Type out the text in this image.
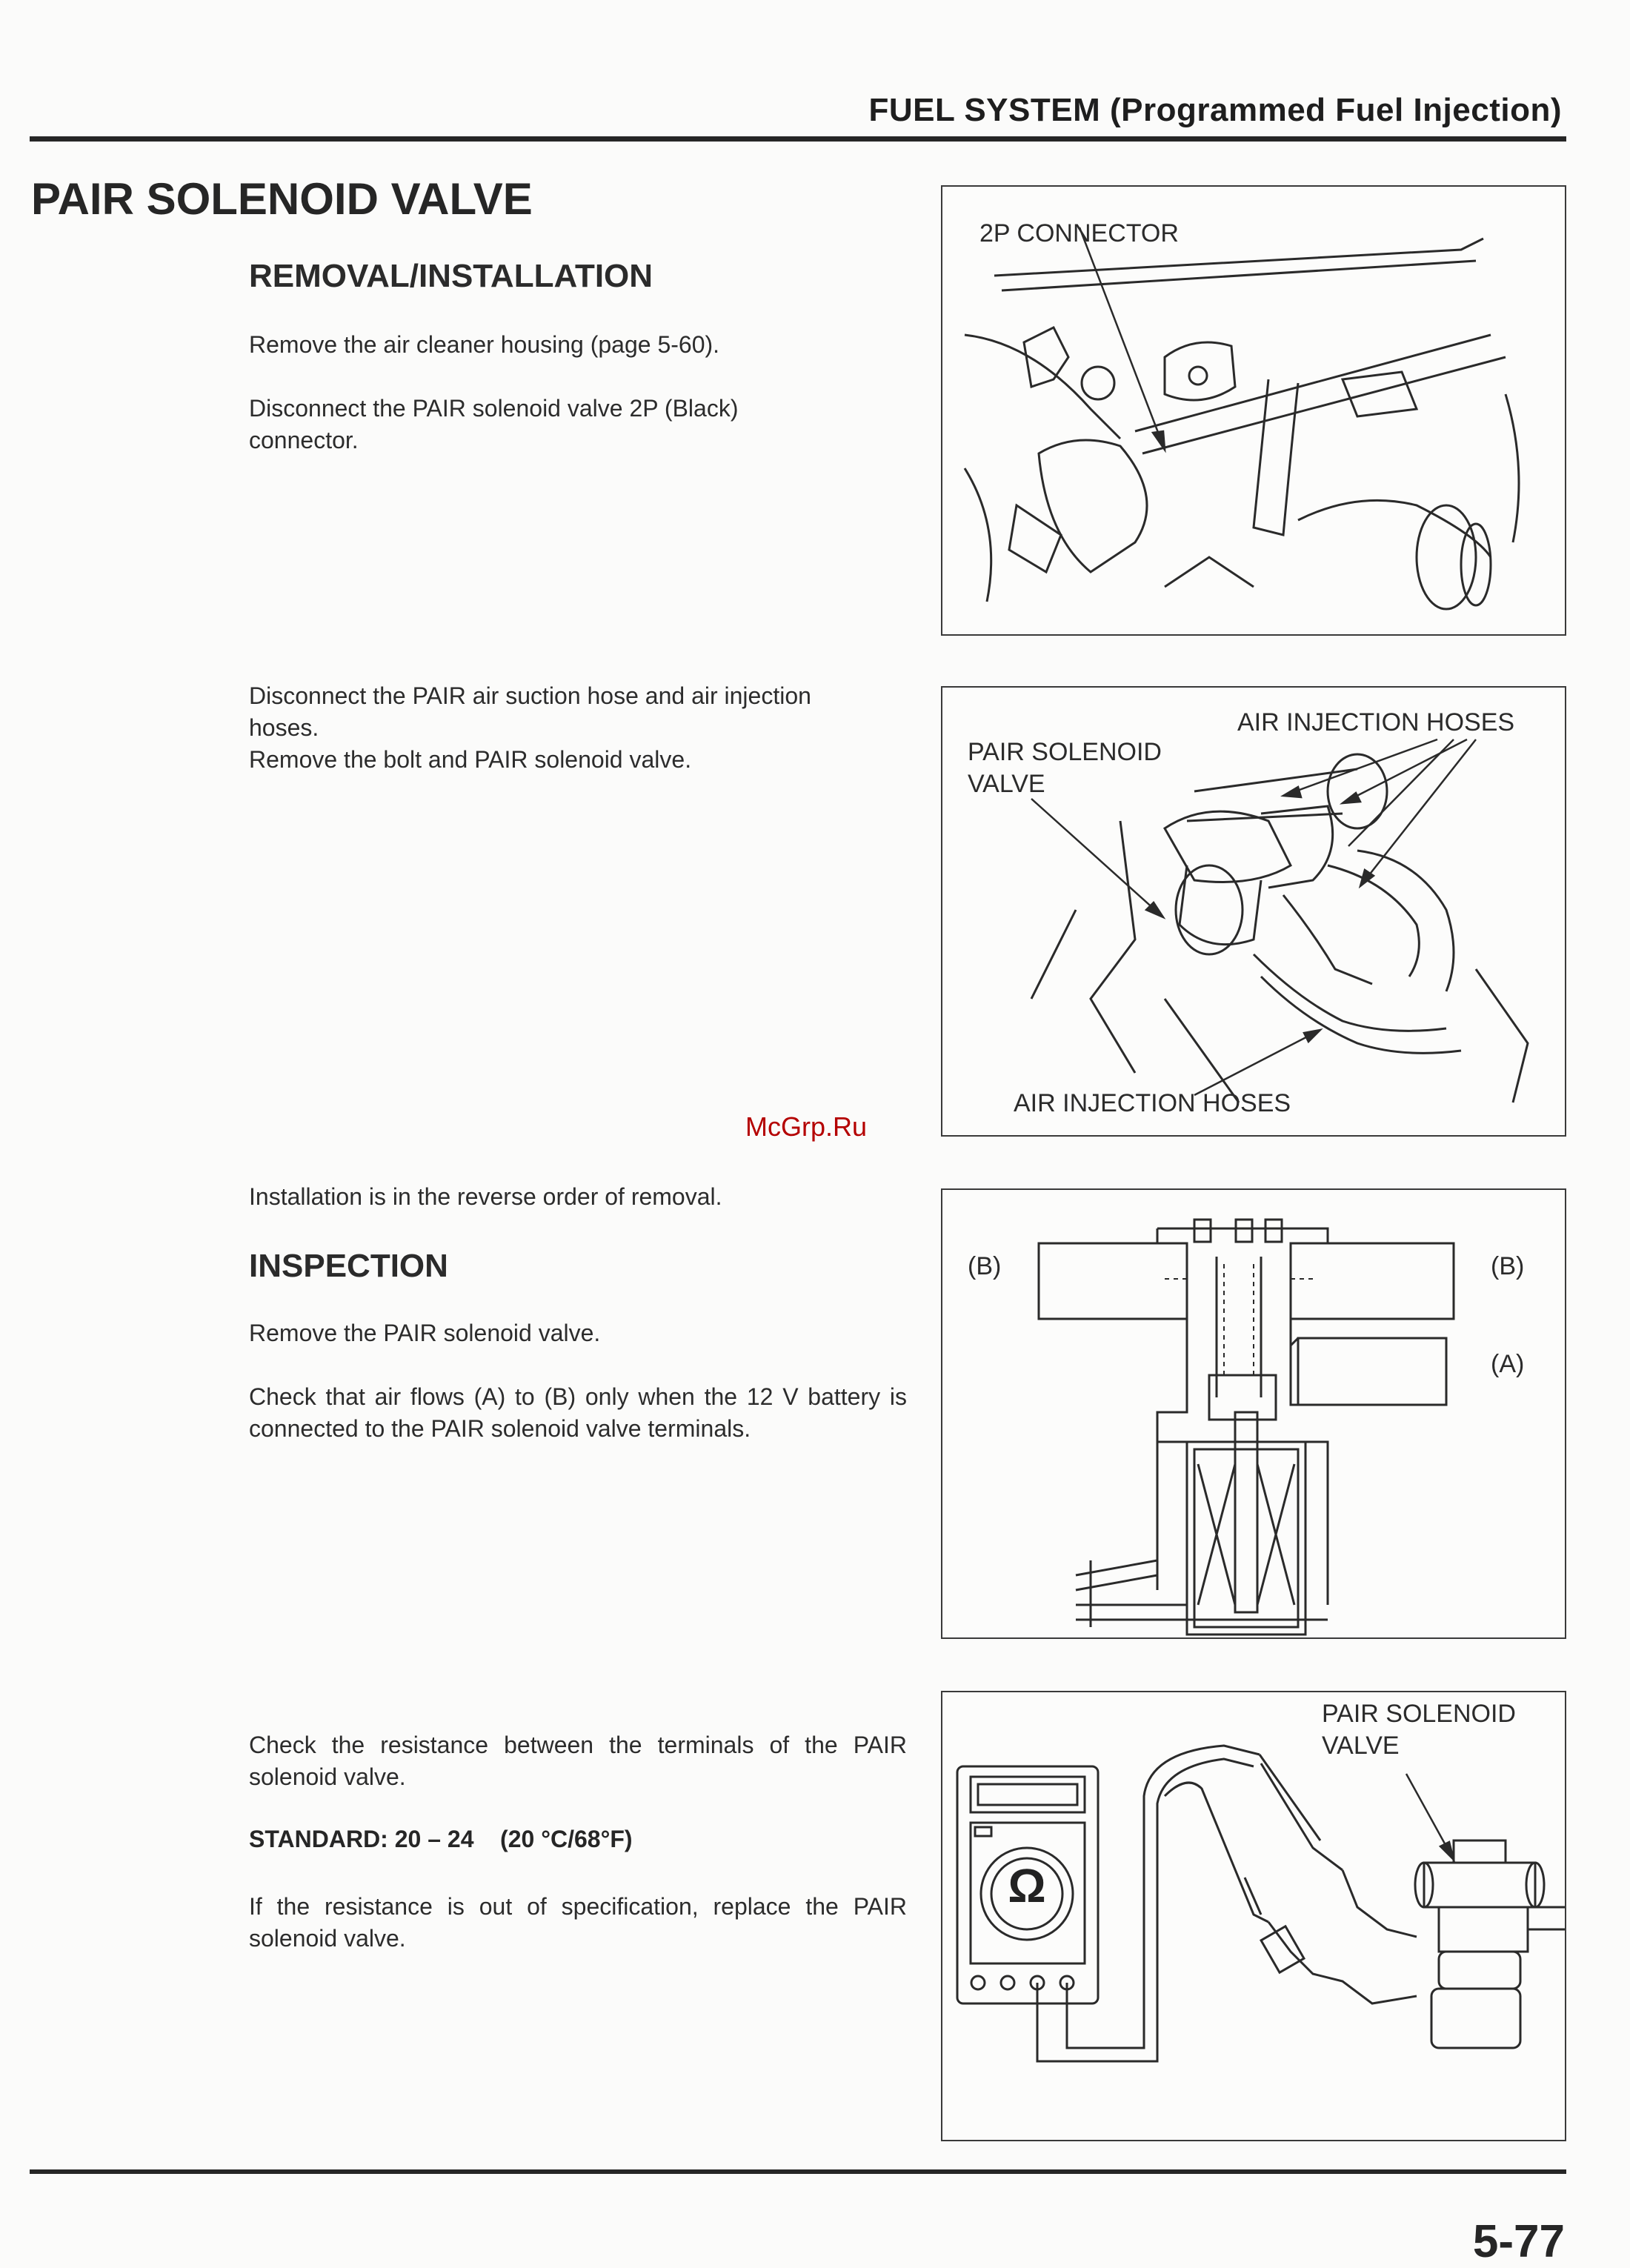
FUEL SYSTEM (Programmed Fuel Injection)
PAIR SOLENOID VALVE
REMOVAL/INSTALLATION
Remove the air cleaner housing (page 5-60).
Disconnect the PAIR solenoid valve 2P (Black) connector.
Disconnect the PAIR air suction hose and air injection hoses.
Remove the bolt and PAIR solenoid valve.
McGrp.Ru
Installation is in the reverse order of removal.
INSPECTION
Remove the PAIR solenoid valve.
Check that air flows (A) to (B) only when the 12 V battery is connected to the PAIR solenoid valve terminals.
Check the resistance between the terminals of the PAIR solenoid valve.
STANDARD: 20 – 24    (20 °C/68°F)
If the resistance is out of specification, replace the PAIR solenoid valve.
2P CONNECTOR
AIR INJECTION HOSES
PAIR SOLENOID
VALVE
AIR INJECTION HOSES
(B)	(B)
(A)
Ω
PAIR SOLENOID
VALVE
5-77
